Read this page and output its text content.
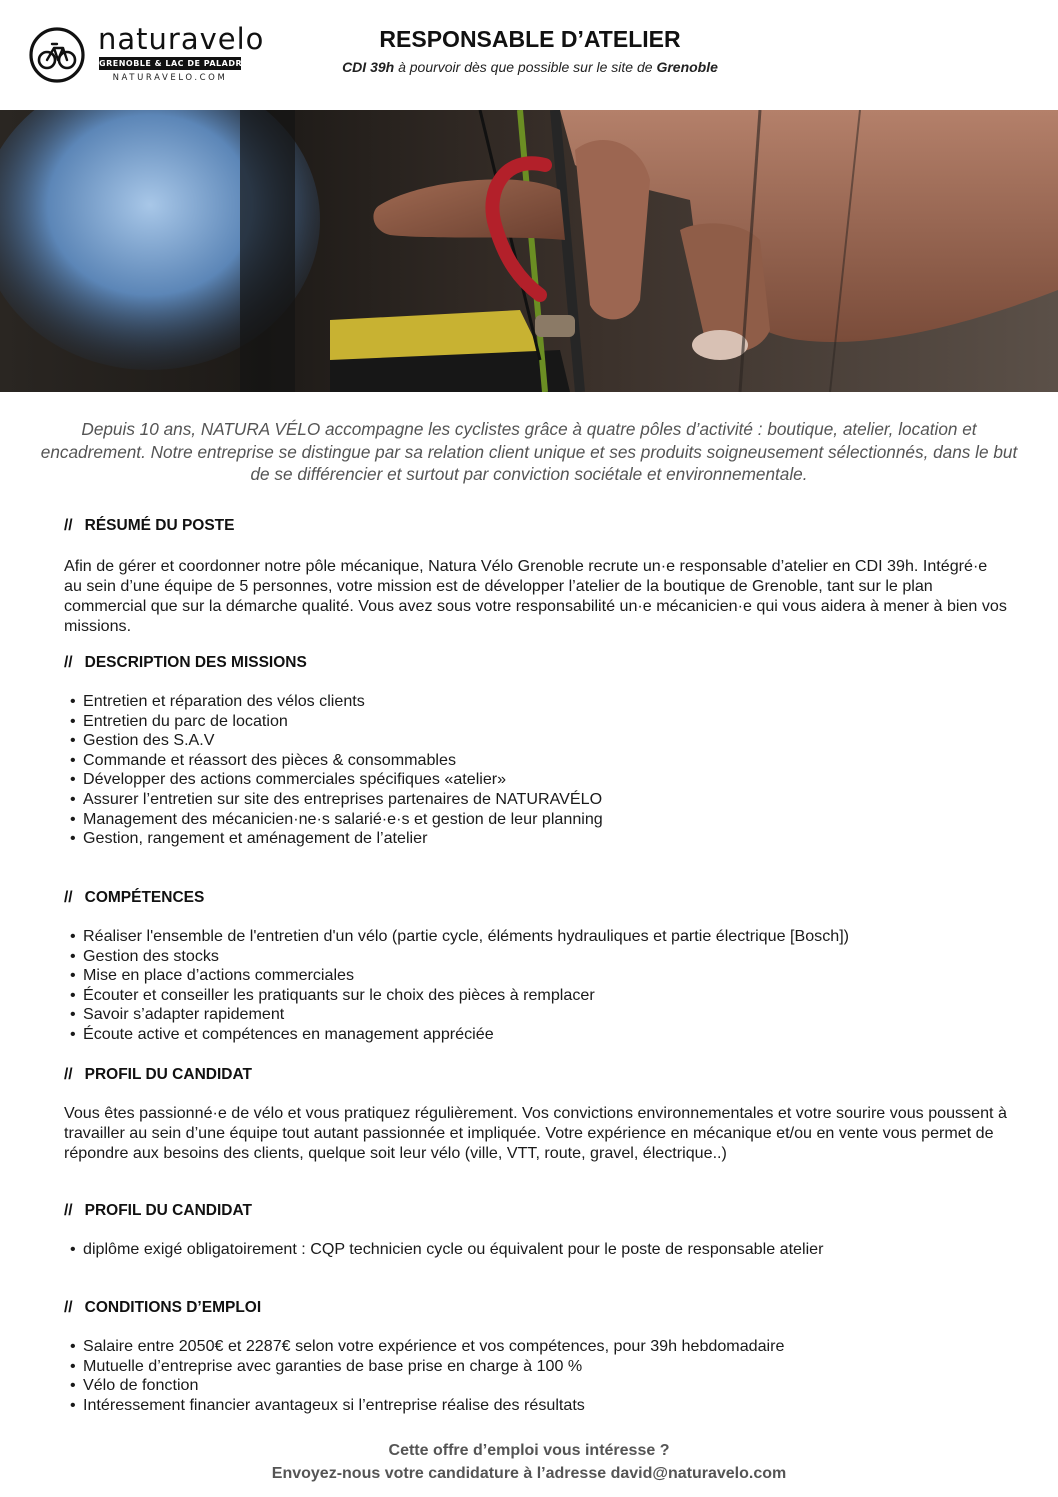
naturavelo
GRENOBLE & LAC DE PALADRU
NATURAVELO.COM
RESPONSABLE D’ATELIER
CDI 39h à pourvoir dès que possible sur le site de Grenoble
Depuis 10 ans, NATURA VÉLO accompagne les cyclistes grâce à quatre pôles d’activité : boutique, atelier, location et encadrement. Notre entreprise se distingue par sa relation client unique et ses produits soigneusement sélectionnés, dans le but de se différencier et surtout par conviction sociétale et environnementale.
// RÉSUMÉ DU POSTE
Afin de gérer et coordonner notre pôle mécanique, Natura Vélo Grenoble recrute un·e responsable d’atelier en CDI 39h. Intégré·e au sein d’une équipe de 5 personnes, votre mission est de développer l’atelier de la boutique de Grenoble, tant sur le plan commercial que sur la démarche qualité. Vous avez sous votre responsabilité un·e mécanicien·e qui vous aidera à mener à bien vos missions.
// DESCRIPTION DES MISSIONS
• Entretien et réparation des vélos clients
• Entretien du parc de location
• Gestion des S.A.V
• Commande et réassort des pièces & consommables
• Développer des actions commerciales spécifiques «atelier»
• Assurer l’entretien sur site des entreprises partenaires de NATURAVÉLO
• Management des mécanicien·ne·s salarié·e·s et gestion de leur planning
• Gestion, rangement et aménagement de l’atelier
// COMPÉTENCES
• Réaliser l'ensemble de l'entretien d'un vélo (partie cycle, éléments hydrauliques et partie électrique [Bosch])
• Gestion des stocks
• Mise en place d’actions commerciales
• Écouter et conseiller les pratiquants sur le choix des pièces à remplacer
• Savoir s’adapter rapidement
• Écoute active et compétences en management appréciée
// PROFIL DU CANDIDAT
Vous êtes passionné·e de vélo et vous pratiquez régulièrement. Vos convictions environnementales et votre sourire vous poussent à travailler au sein d’une équipe tout autant passionnée et impliquée. Votre expérience en mécanique et/ou en vente vous permet de répondre aux besoins des clients, quelque soit leur vélo (ville, VTT, route, gravel, électrique..)
// PROFIL DU CANDIDAT
• diplôme exigé obligatoirement : CQP technicien cycle ou équivalent pour le poste de responsable atelier
// CONDITIONS D’EMPLOI
• Salaire entre 2050€ et 2287€ selon votre expérience et vos compétences, pour 39h hebdomadaire
• Mutuelle d’entreprise avec garanties de base prise en charge à 100 %
• Vélo de fonction
• Intéressement financier avantageux si l’entreprise réalise des résultats
Cette offre d’emploi vous intéresse ?
Envoyez-nous votre candidature à l’adresse david@naturavelo.com
